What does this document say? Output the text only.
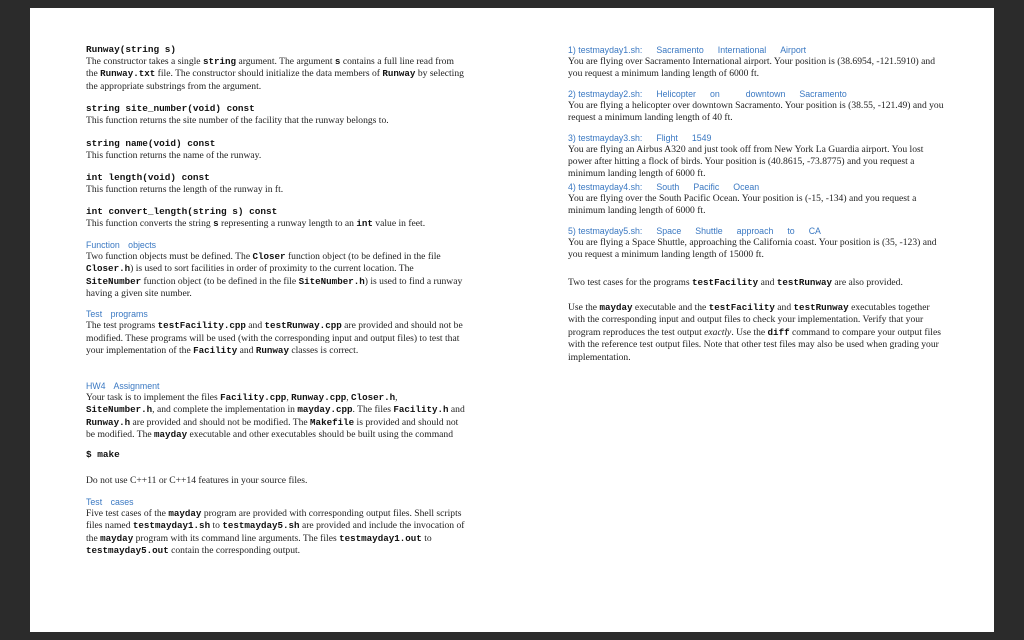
Runway(string s)

The constructor takes a single string argument. The argument s contains a full line read from the Runway.txt file. The constructor should initialize the data members of Runway by selecting the appropriate substrings from the argument.

string site_number(void) const

This function returns the site number of the facility that the runway belongs to.

string name(void) const

This function returns the name of the runway.

int length(void) const

This function returns the length of the runway in ft.

int convert_length(string s) const

This function converts the string s representing a runway length to an int value in feet.

Function objects

Two function objects must be defined. The Closer function object (to be defined in the file Closer.h) is used to sort facilities in order of proximity to the current location. The SiteNumber function object (to be defined in the file SiteNumber.h) is used to find a runway having a given site number.

Test programs

The test programs testFacility.cpp and testRunway.cpp are provided and should not be modified. These programs will be used (with the corresponding input and output files) to test that your implementation of the Facility and Runway classes is correct.

HW4 Assignment

Your task is to implement the files Facility.cpp, Runway.cpp, Closer.h, SiteNumber.h, and complete the implementation in mayday.cpp. The files Facility.h and Runway.h are provided and should not be modified. The Makefile is provided and should not be modified. The mayday executable and other executables should be built using the command

$ make

Do not use C++11 or C++14 features in your source files.

Test cases

Five test cases of the mayday program are provided with corresponding output files. Shell scripts files named testmayday1.sh to testmayday5.sh are provided and include the invocation of the mayday program with its command line arguments. The files testmayday1.out to testmayday5.out contain the corresponding output.

1) testmayday1.sh: Sacramento International Airport

You are flying over Sacramento International airport. Your position is (38.6954, -121.5910) and you request a minimum landing length of 6000 ft.

2) testmayday2.sh: Helicopter on	downtown Sacramento

You are flying a helicopter over downtown Sacramento. Your position is (38.55, -121.49) and you request a minimum landing length of 40 ft.

3) testmayday3.sh: Flight 1549

You are flying an Airbus A320 and just took off from New York La Guardia airport. You lost power after hitting a flock of birds. Your position is (40.8615, -73.8775) and you request a minimum landing length of 6000 ft.

4) testmayday4.sh: South Pacific Ocean

You are flying over the South Pacific Ocean. Your position is (-15, -134) and you request a minimum landing length of 6000 ft.

5) testmayday5.sh: Space Shuttle approach to CA

You are flying a Space Shuttle, approaching the California coast. Your position is (35, -123) and you request a minimum landing length of 15000 ft.

Two test cases for the programs testFacility and testRunway are also provided.

Use the mayday executable and the testFacility and testRunway executables together with the corresponding input and output files to check your implementation. Verify that your program reproduces the test output exactly. Use the diff command to compare your output files with the reference test output files. Note that other test files may also be used when grading your implementation.
